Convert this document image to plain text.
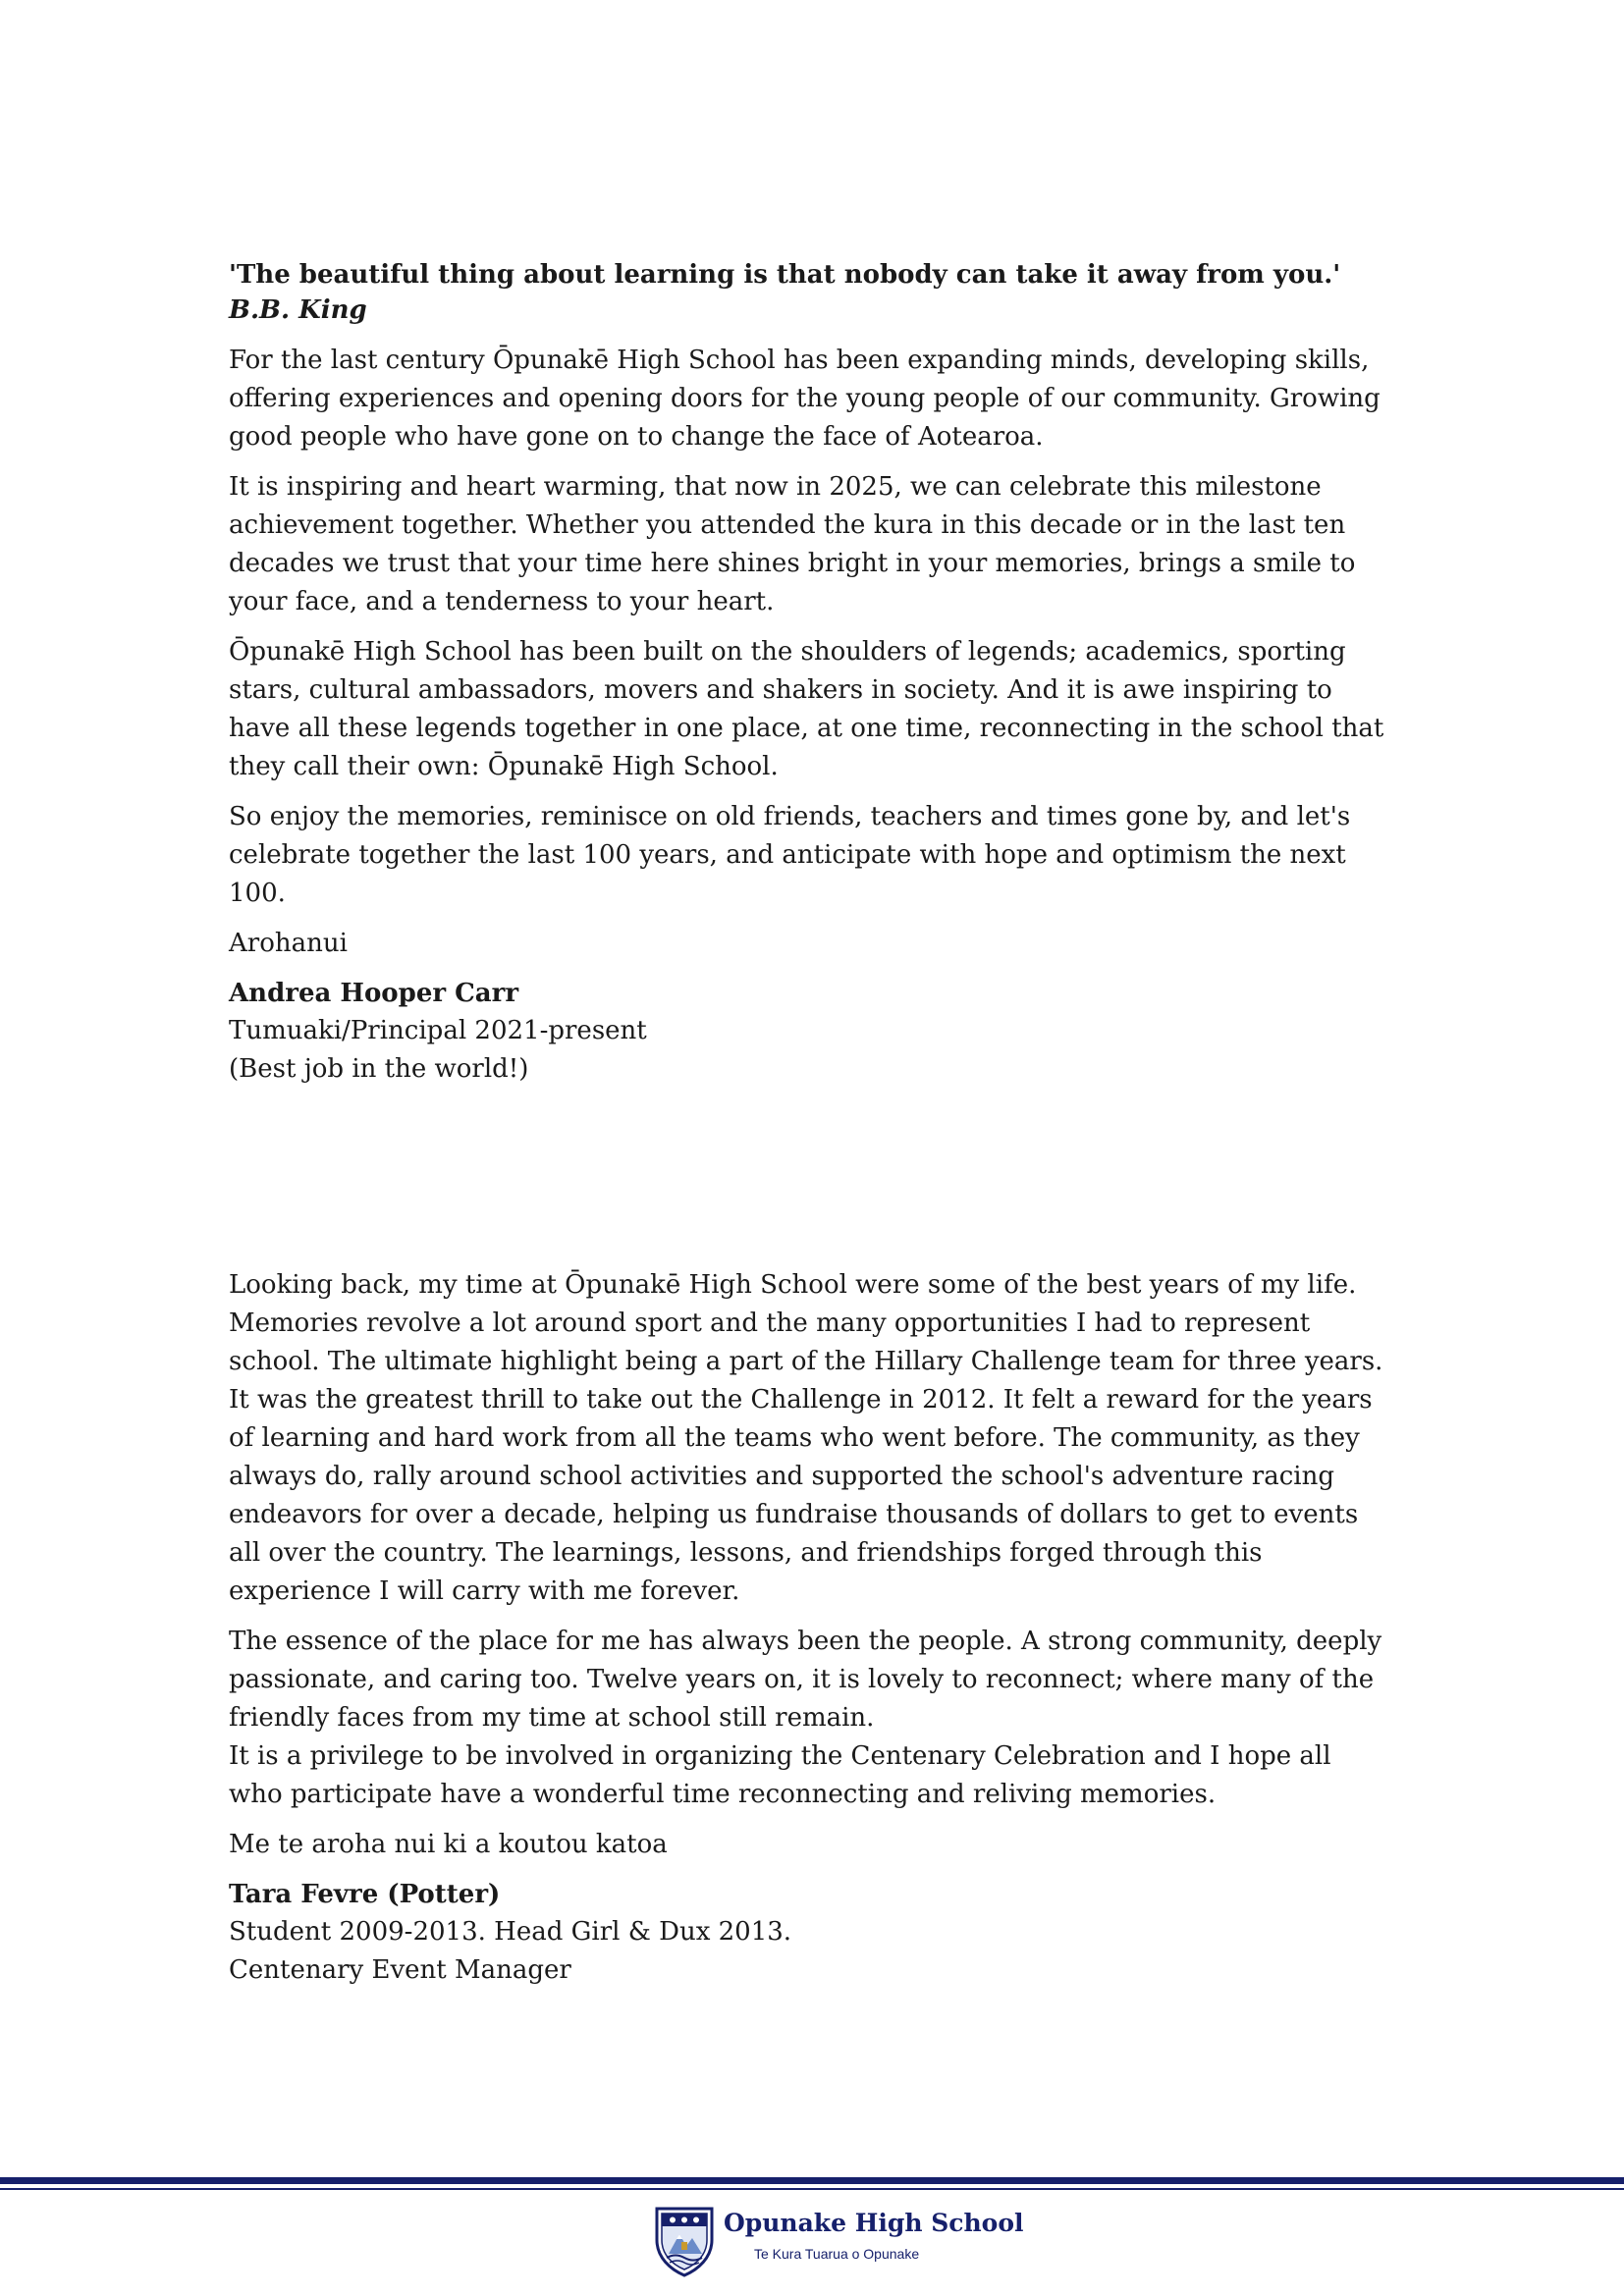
'The beautiful thing about learning is that nobody can take it away from you.'

B.B. King

For the last century Ōpunakē High School has been expanding minds, developing skills, offering experiences and opening doors for the young people of our community. Growing good people who have gone on to change the face of Aotearoa.

It is inspiring and heart warming, that now in 2025, we can celebrate this milestone achievement together. Whether you attended the kura in this decade or in the last ten decades we trust that your time here shines bright in your memories, brings a smile to your face, and a tenderness to your heart.

Ōpunakē High School has been built on the shoulders of legends; academics, sporting stars, cultural ambassadors, movers and shakers in society. And it is awe inspiring to have all these legends together in one place, at one time, reconnecting in the school that they call their own: Ōpunakē High School.

So enjoy the memories, reminisce on old friends, teachers and times gone by, and let's celebrate together the last 100 years, and anticipate with hope and optimism the next 100.

Arohanui

Andrea Hooper Carr

Tumuaki/Principal 2021-present

(Best job in the world!)

Looking back, my time at Ōpunakē High School were some of the best years of my life. Memories revolve a lot around sport and the many opportunities I had to represent school. The ultimate highlight being a part of the Hillary Challenge team for three years. It was the greatest thrill to take out the Challenge in 2012. It felt a reward for the years of learning and hard work from all the teams who went before. The community, as they always do, rally around school activities and supported the school's adventure racing endeavors for over a decade, helping us fundraise thousands of dollars to get to events all over the country. The learnings, lessons, and friendships forged through this experience I will carry with me forever.

The essence of the place for me has always been the people. A strong community, deeply passionate, and caring too. Twelve years on, it is lovely to reconnect; where many of the friendly faces from my time at school still remain.

It is a privilege to be involved in organizing the Centenary Celebration and I hope all who participate have a wonderful time reconnecting and reliving memories.

Me te aroha nui ki a koutou katoa

Tara Fevre (Potter)

Student 2009-2013. Head Girl & Dux 2013.

Centenary Event Manager

Opunake High School
Te Kura Tuarua o Opunake
